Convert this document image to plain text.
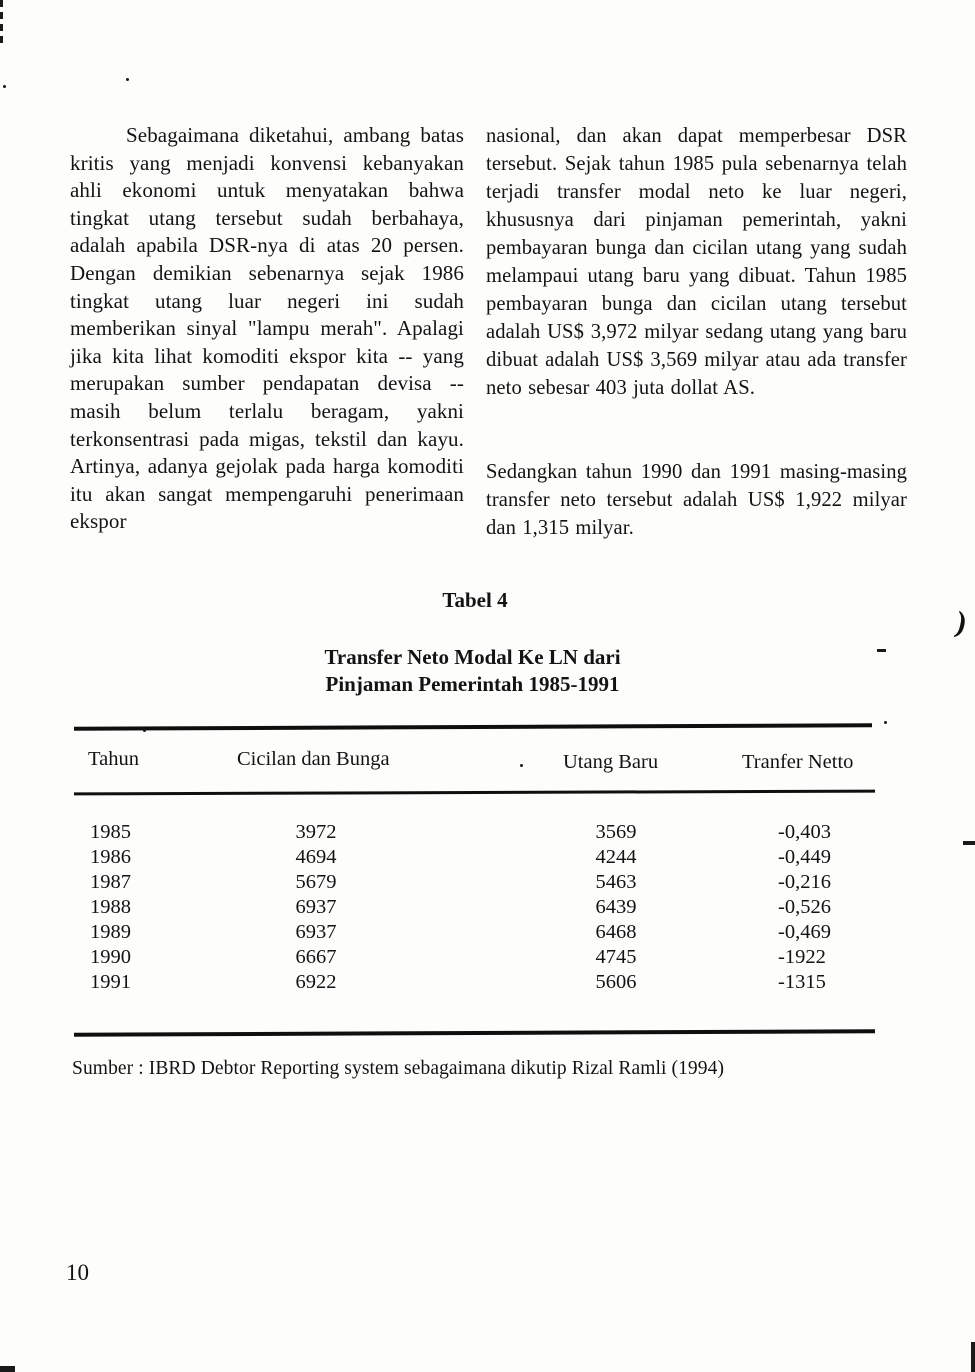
Sebagaimana diketahui, ambang batas kritis yang menjadi konvensi kebanyakan ahli ekonomi untuk menyatakan bahwa tingkat utang tersebut sudah berbahaya, adalah apabila DSR-nya di atas 20 persen. Dengan demikian sebenarnya sejak 1986 tingkat utang luar negeri ini sudah memberikan sinyal "lampu merah". Apalagi jika kita lihat komoditi ekspor kita -- yang merupakan sumber pendapatan devisa -- masih belum terlalu beragam, yakni terkonsentrasi pada migas, tekstil dan kayu. Artinya, adanya gejolak pada harga komoditi itu akan sangat mempengaruhi penerimaan ekspor

nasional, dan akan dapat memperbesar DSR tersebut. Sejak tahun 1985 pula sebenarnya telah terjadi transfer modal neto ke luar negeri, khususnya dari pinjaman pemerintah, yakni pembayaran bunga dan cicilan utang yang sudah melampaui utang baru yang dibuat. Tahun 1985 pembayaran bunga dan cicilan utang tersebut adalah US$ 3,972 milyar sedang utang yang baru dibuat adalah US$ 3,569 milyar atau ada transfer neto sebesar 403 juta dollat AS.

Sedangkan tahun 1990 dan 1991 masing-masing transfer neto tersebut adalah US$ 1,922 milyar dan 1,315 milyar.

Tabel 4
Transfer Neto Modal Ke LN dari
Pinjaman Pemerintah 1985-1991
Tahun	Cicilan dan Bunga	Utang Baru	Tranfer Netto
1985	3972	3569	-0,403
1986	4694	4244	-0,449
1987	5679	5463	-0,216
1988	6937	6439	-0,526
1989	6937	6468	-0,469
1990	6667	4745	-1922
1991	6922	5606	-1315
Sumber : IBRD Debtor Reporting system sebagaimana dikutip Rizal Ramli (1994)
10
)
